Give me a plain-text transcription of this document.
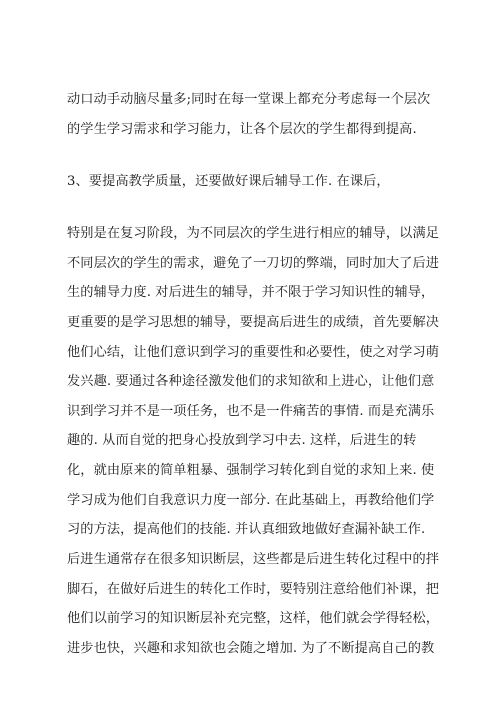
动口动手动脑尽量多;同时在每一堂课上都充分考虑每一个层次
的学生学习需求和学习能力，让各个层次的学生都得到提高.
3、要提高教学质量，还要做好课后辅导工作. 在课后，
特别是在复习阶段，为不同层次的学生进行相应的辅导，以满足
不同层次的学生的需求，避免了一刀切的弊端，同时加大了后进
生的辅导力度. 对后进生的辅导，并不限于学习知识性的辅导，
更重要的是学习思想的辅导，要提高后进生的成绩，首先要解决
他们心结，让他们意识到学习的重要性和必要性，使之对学习萌
发兴趣. 要通过各种途径激发他们的求知欲和上进心，让他们意
识到学习并不是一项任务，也不是一件痛苦的事情. 而是充满乐
趣的. 从而自觉的把身心投放到学习中去. 这样，后进生的转
化，就由原来的简单粗暴、强制学习转化到自觉的求知上来. 使
学习成为他们自我意识力度一部分. 在此基础上，再教给他们学
习的方法，提高他们的技能. 并认真细致地做好查漏补缺工作.
后进生通常存在很多知识断层，这些都是后进生转化过程中的拌
脚石，在做好后进生的转化工作时，要特别注意给他们补课，把
他们以前学习的知识断层补充完整，这样，他们就会学得轻松，
进步也快，兴趣和求知欲也会随之增加. 为了不断提高自己的教
